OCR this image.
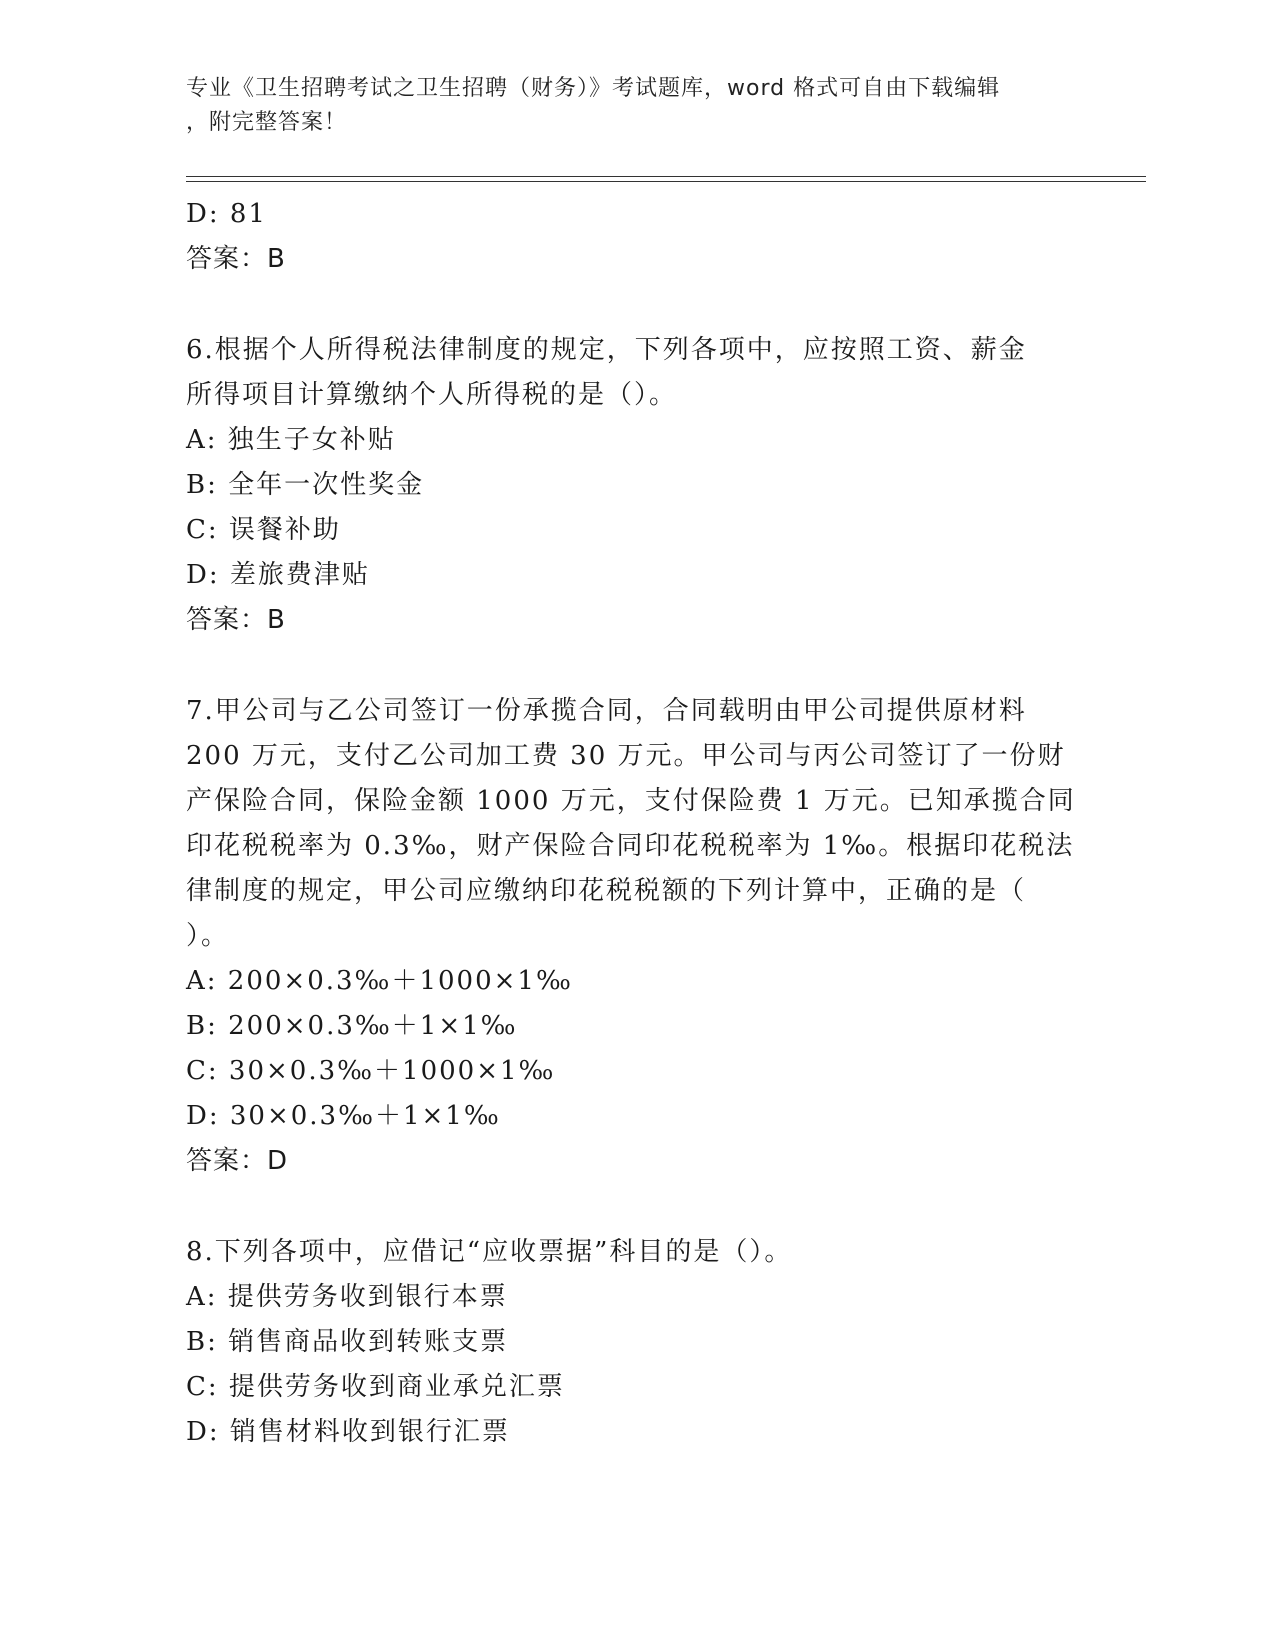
专业《卫生招聘考试之卫生招聘（财务）》考试题库，word 格式可自由下载编辑
，附完整答案！
D: 81
答案：B
6.根据个人所得税法律制度的规定，下列各项中，应按照工资、薪金
所得项目计算缴纳个人所得税的是（）。
A: 独生子女补贴
B: 全年一次性奖金
C: 误餐补助
D: 差旅费津贴
答案：B
7.甲公司与乙公司签订一份承揽合同，合同载明由甲公司提供原材料
200 万元，支付乙公司加工费 30 万元。甲公司与丙公司签订了一份财
产保险合同，保险金额 1000 万元，支付保险费 1 万元。已知承揽合同
印花税税率为 0.3‰，财产保险合同印花税税率为 1‰。根据印花税法
律制度的规定，甲公司应缴纳印花税税额的下列计算中，正确的是（
）。
A: 200×0.3‰＋1000×1‰
B: 200×0.3‰＋1×1‰
C: 30×0.3‰＋1000×1‰
D: 30×0.3‰＋1×1‰
答案：D
8.下列各项中，应借记“应收票据”科目的是（）。
A: 提供劳务收到银行本票
B: 销售商品收到转账支票
C: 提供劳务收到商业承兑汇票
D: 销售材料收到银行汇票
